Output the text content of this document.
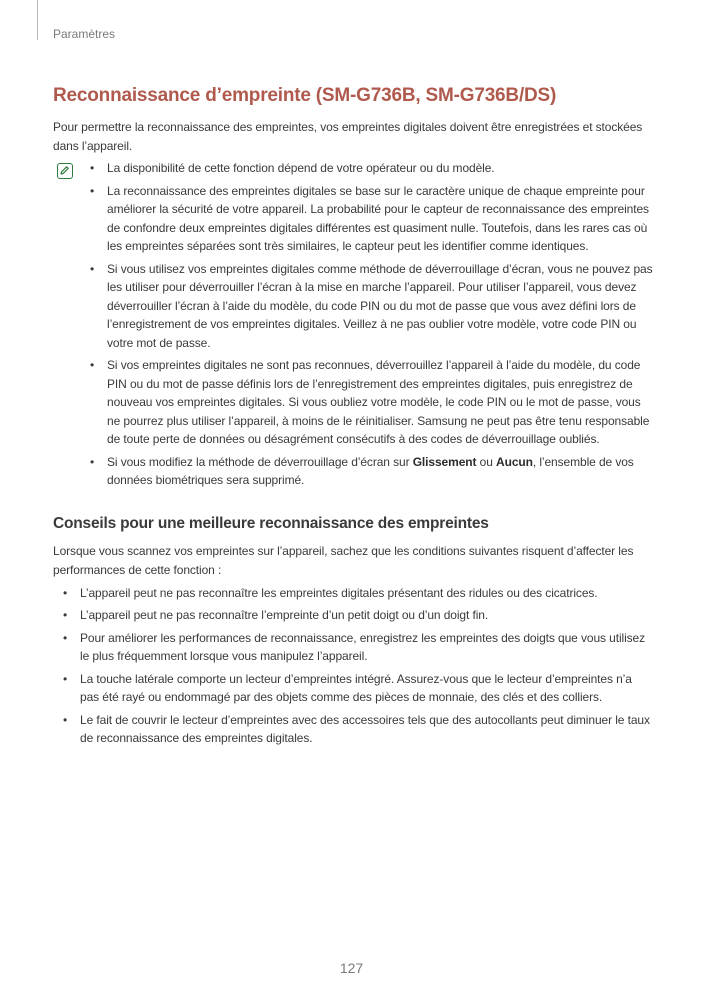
Paramètres
Reconnaissance d’empreinte (SM-G736B, SM-G736B/DS)

Pour permettre la reconnaissance des empreintes, vos empreintes digitales doivent être enregistrées et stockées dans l’appareil.

• La disponibilité de cette fonction dépend de votre opérateur ou du modèle.
• La reconnaissance des empreintes digitales se base sur le caractère unique de chaque empreinte pour améliorer la sécurité de votre appareil. La probabilité pour le capteur de reconnaissance des empreintes de confondre deux empreintes digitales différentes est quasiment nulle. Toutefois, dans les rares cas où les empreintes séparées sont très similaires, le capteur peut les identifier comme identiques.
• Si vous utilisez vos empreintes digitales comme méthode de déverrouillage d’écran, vous ne pouvez pas les utiliser pour déverrouiller l’écran à la mise en marche l’appareil. Pour utiliser l’appareil, vous devez déverrouiller l’écran à l’aide du modèle, du code PIN ou du mot de passe que vous avez défini lors de l’enregistrement de vos empreintes digitales. Veillez à ne pas oublier votre modèle, votre code PIN ou votre mot de passe.
• Si vos empreintes digitales ne sont pas reconnues, déverrouillez l’appareil à l’aide du modèle, du code PIN ou du mot de passe définis lors de l’enregistrement des empreintes digitales, puis enregistrez de nouveau vos empreintes digitales. Si vous oubliez votre modèle, le code PIN ou le mot de passe, vous ne pourrez plus utiliser l’appareil, à moins de le réinitialiser. Samsung ne peut pas être tenu responsable de toute perte de données ou désagrément consécutifs à des codes de déverrouillage oubliés.
• Si vous modifiez la méthode de déverrouillage d’écran sur Glissement ou Aucun, l’ensemble de vos données biométriques sera supprimé.
Conseils pour une meilleure reconnaissance des empreintes

Lorsque vous scannez vos empreintes sur l’appareil, sachez que les conditions suivantes risquent d’affecter les performances de cette fonction :

• L’appareil peut ne pas reconnaître les empreintes digitales présentant des ridules ou des cicatrices.
• L’appareil peut ne pas reconnaître l’empreinte d’un petit doigt ou d’un doigt fin.
• Pour améliorer les performances de reconnaissance, enregistrez les empreintes des doigts que vous utilisez le plus fréquemment lorsque vous manipulez l’appareil.
• La touche latérale comporte un lecteur d’empreintes intégré. Assurez-vous que le lecteur d’empreintes n’a pas été rayé ou endommagé par des objets comme des pièces de monnaie, des clés et des colliers.
• Le fait de couvrir le lecteur d’empreintes avec des accessoires tels que des autocollants peut diminuer le taux de reconnaissance des empreintes digitales.
127
